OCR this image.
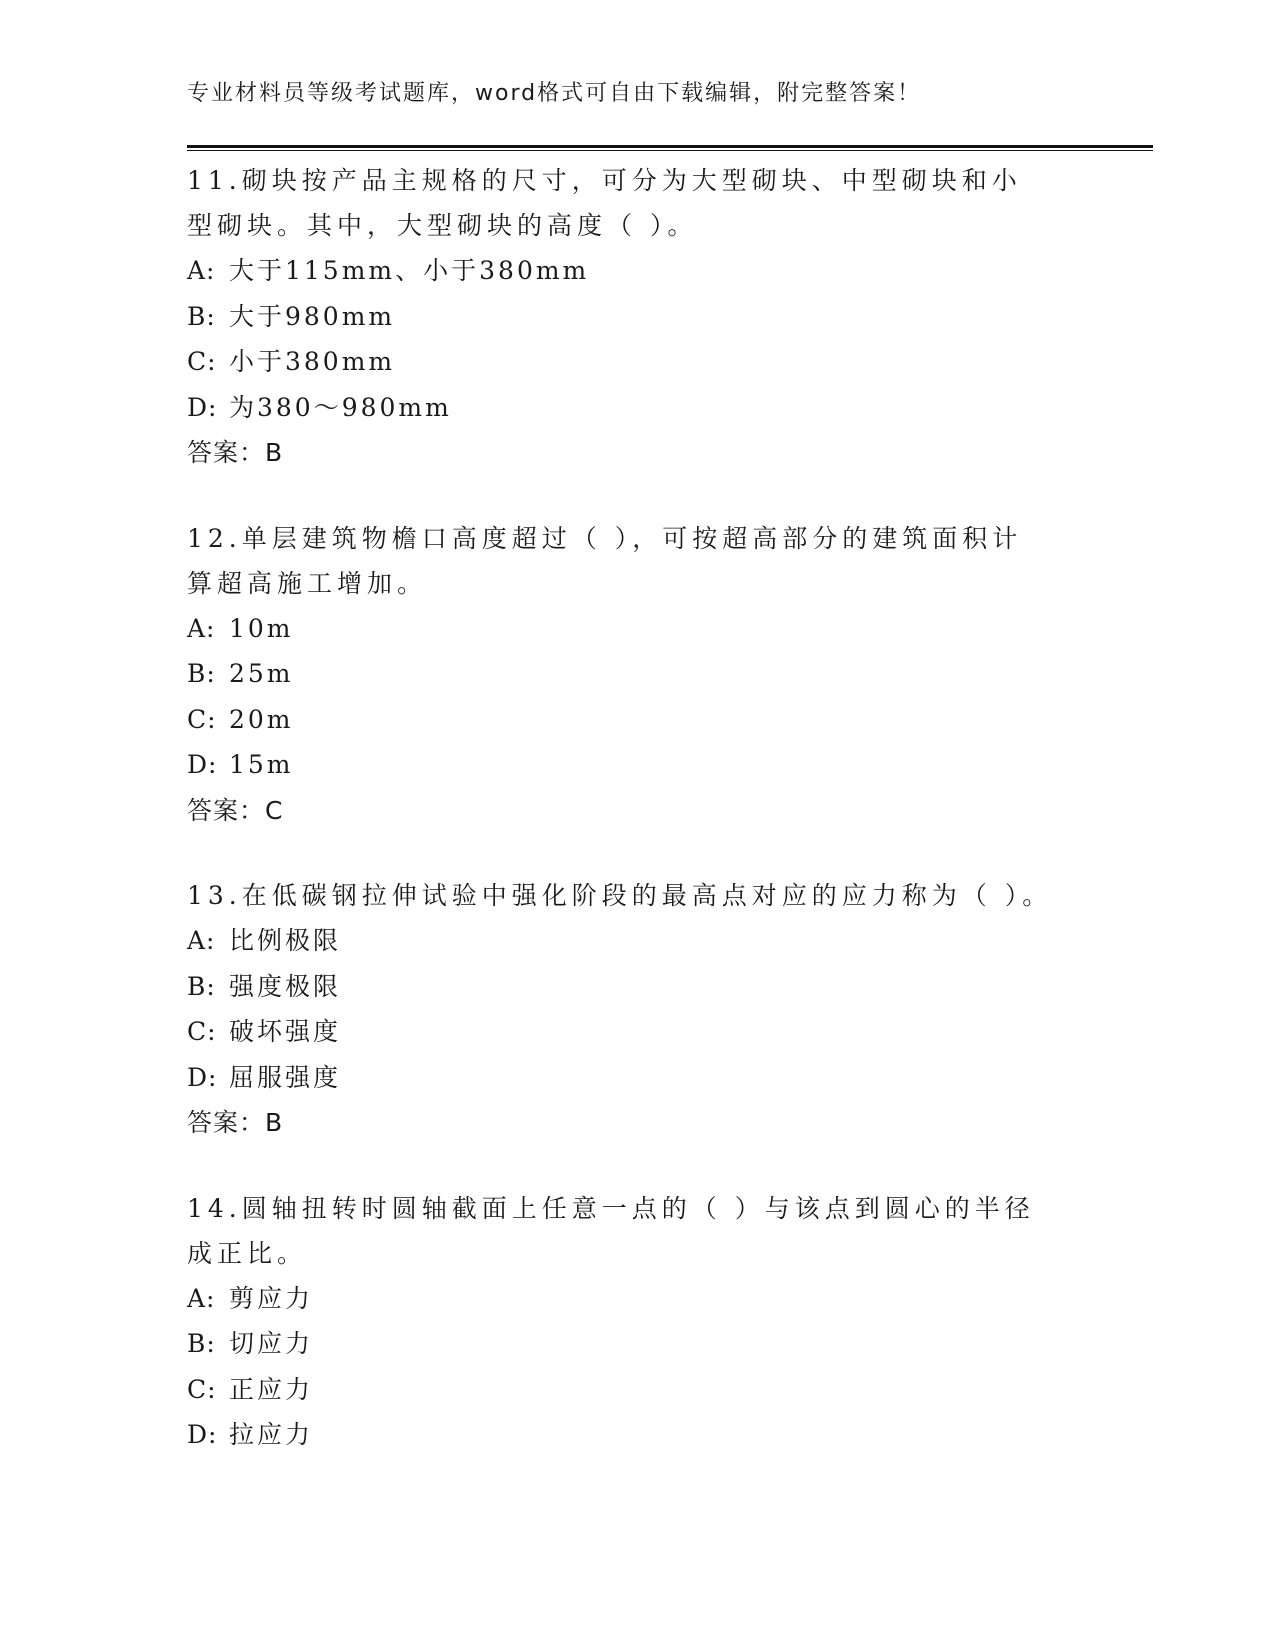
专业材料员等级考试题库，word格式可自由下载编辑，附完整答案！

11.砌块按产品主规格的尺寸，可分为大型砌块、中型砌块和小型砌块。其中，大型砌块的高度（ ）。

A: 大于115mm、小于380mm
B: 大于980mm
C: 小于380mm
D: 为380～980mm
答案：B

12.单层建筑物檐口高度超过（ ），可按超高部分的建筑面积计算超高施工增加。

A: 10m
B: 25m
C: 20m
D: 15m
答案：C

13.在低碳钢拉伸试验中强化阶段的最高点对应的应力称为（ ）。

A: 比例极限
B: 强度极限
C: 破坏强度
D: 屈服强度
答案：B

14.圆轴扭转时圆轴截面上任意一点的（ ）与该点到圆心的半径成正比。

A: 剪应力
B: 切应力
C: 正应力
D: 拉应力
